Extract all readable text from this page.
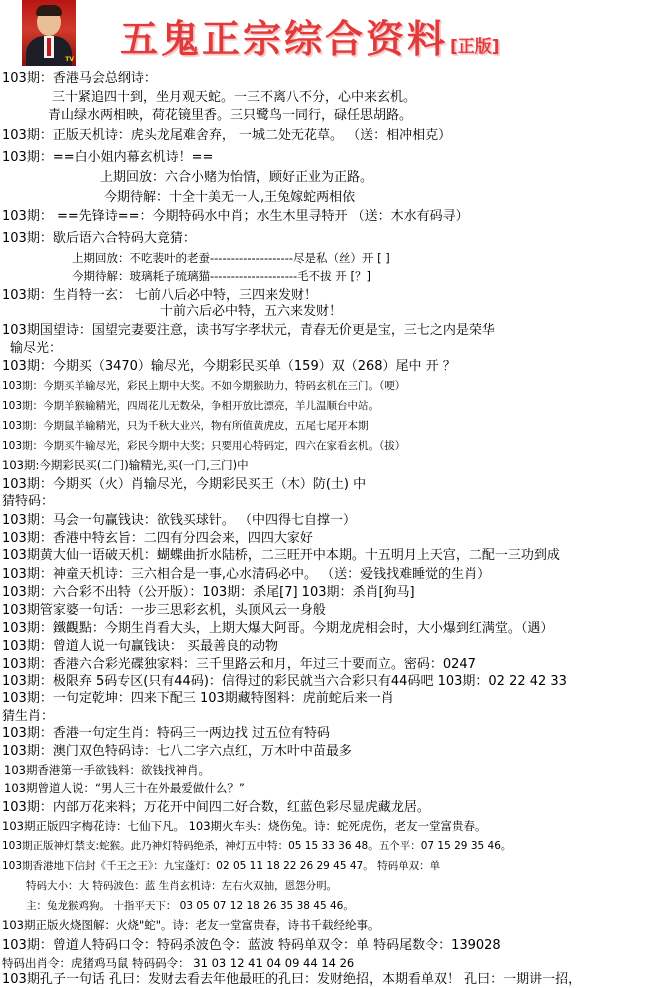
TV 五鬼正宗综合资料 [正版]
103期：香港马会总纲诗：
三十紧追四十到，坐月观天蛇。一三不离八不分，心中来玄机。
青山绿水两相映，荷花镜里香。三只鹭鸟一同行，碌任思胡路。
103期：正版天机诗：虎头龙尾难舍弃， 一城二处无花草。 （送：相冲相克）
103期：==白小姐内幕玄机诗！==
上期回放：六合小赌为怡情，顾好正业为正路。
今期待解：十全十美无一人,王兔嫁蛇两相依
103期： ==先锋诗==：今期特码水中肖；水生木里寻特开 （送：木水有码寻）
103期：歇后语六合特码大竟猜：
上期回放：不吃裴叶的老蚕--------------------尽是私（丝）开 [ ]
今期待解：玻璃耗子琉璃猫---------------------毛不拔 开 [？]
103期：生肖特一玄： 七前八后必中特，三四来发财！
十前六后必中特，五六来发财！
103期国望诗：国望完妻要注意，读书写字孝状元，青春无价更是宝，三七之内是荣华
输尽光：
103期：今期买（3470）输尽光，今期彩民买单（159）双（268）尾中 开 ？
103期：今期买羊输尽光，彩民上期中大奖。不如今期猴助力，特码玄机在三门。（哽）
103期：今期羊猴输精光，四周花儿无数朵，争相开放比漂亮，羊儿温顺台中站。
103期：今期鼠羊输精光，只为千秋大业兴，物有所值黄虎皮，五尾七尾开本期
103期：今期买牛输尽光，彩民今期中大奖；只要用心特码定，四六在家看玄机。（拔）
103期:今期彩民买(二门)输精光,买(一门,三门)中
103期：今期买（火）肖输尽光，今期彩民买王（木）防(土) 中
猜特码：
103期：马会一句赢钱诀：欲钱买球针。 （中四得七自撑一）
103期：香港中特玄旨：二四有分四会来，四四大家好
103期黄大仙一语破天机：蝴蝶曲折水陆桥，二三旺开中本期。十五明月上天宫，二配一三功到成
103期：神童天机诗：三六相合是一事,心水清码必中。 （送：爱钱找难睡觉的生肖）
103期：六合彩不出特（公开版）：103期：杀尾[7] 103期：杀肖[狗马]
103期管家婆一句话：一步三思彩玄机，头顶风云一身般
103期：鐵觀點：今期生肖看大头，上期大爆大阿哥。今期龙虎相会时，大小爆到红满堂。（遇）
103期：曾道人说一句赢钱诀： 买最善良的动物
103期：香港六合彩光碟独家料：三千里路云和月，年过三十要而立。密码：0247
103期：极限弃 5码专区(只有44码)：信得过的彩民就当六合彩只有44码吧 103期：02 22 42 33
103期：一句定乾坤：四来下配三 103期藏特图料：虎前蛇后来一肖
猜生肖：
103期：香港一句定生肖：特码三一两边找 过五位有特码
103期：澳门双色特码诗：七八二字六点红，万木叶中苗最多
103期香港第一手欲钱料：欲钱找神肖。
103期曾道人说：“男人三十在外最爱做什么？”
103期：内部万花来料；万花开中间四二好合数，红蓝色彩尽显虎藏龙居。
103期正版四字梅花诗：七仙下凡。 103期火车头：烧伤兔。诗：蛇死虎伤，老友一堂富贵春。
103期正版神灯禁支:蛇猴。此乃神灯特码绝杀，神灯五中特：05 15 33 36 48。五个平：07 15 29 35 46。
103期香港地下信封《千王之王》：九宝蓬灯：02 05 11 18 22 26 29 45 47。 特码单双：单
特码大小：大 特码波色：蓝 生肖玄机诗：左右火双抽，恩怨分明。
主：兔龙猴鸡狗。 十指平天下： 03 05 07 12 18 26 35 38 45 46。
103期正版火烧图解：火烧"蛇"。诗：老友一堂富贵春，诗书千载经纶事。
103期：曾道人特码口令：特码杀波色令：蓝波 特码单双令：单 特码尾数令：139028
特码出肖令：虎猪鸡马鼠 特码码令： 31 03 12 41 04 09 44 14 26
103期孔子一句话 孔曰：发财去看去年他最旺的孔曰：发财绝招，本期看单双！ 孔曰：一期讲一招，
